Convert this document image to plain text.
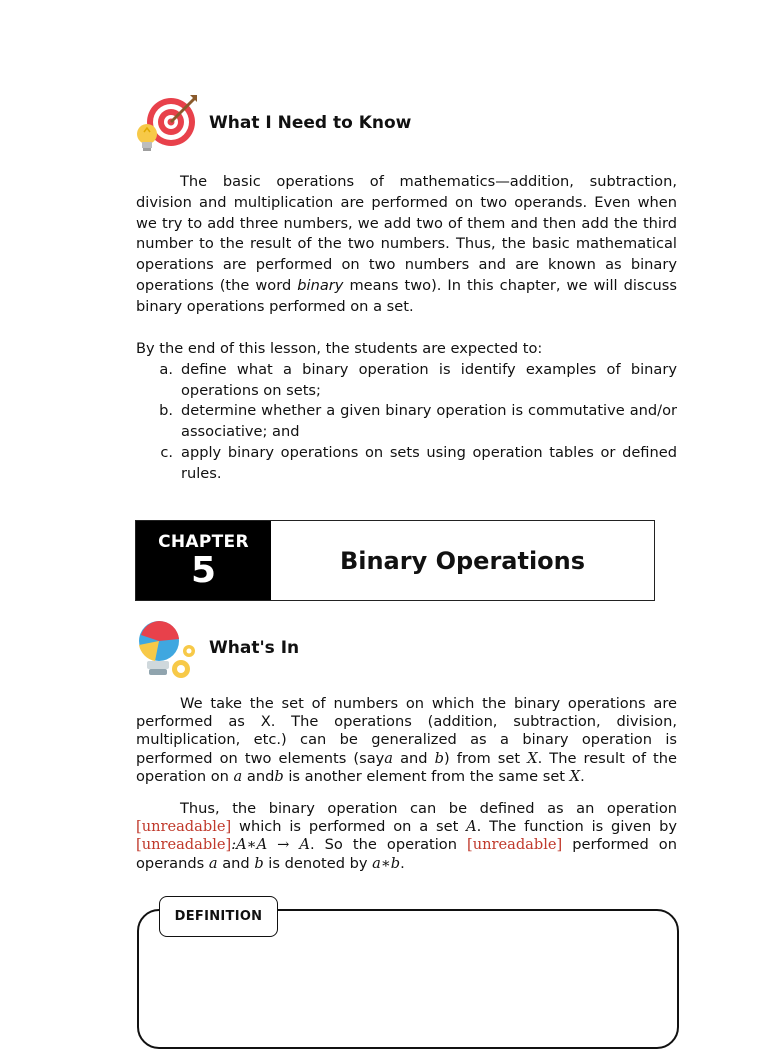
What I Need to Know
The basic operations of mathematics—addition, subtraction, division and multiplication are performed on two operands. Even when we try to add three numbers, we add two of them and then add the third number to the result of the two numbers. Thus, the basic mathematical operations are performed on two numbers and are known as binary operations (the word binary means two). In this chapter, we will discuss binary operations performed on a set.
By the end of this lesson, the students are expected to:
a. define what a binary operation is identify examples of binary operations on sets;
b. determine whether a given binary operation is commutative and/or associative; and
c. apply binary operations on sets using operation tables or defined rules.
CHAPTER
5	Binary Operations
What's In
We take the set of numbers on which the binary operations are performed as X. The operations (addition, subtraction, division, multiplication, etc.) can be generalized as a binary operation is performed on two elements (saya and b) from set X. The result of the operation on a andb is another element from the same set X.
Thus, the binary operation can be defined as an operation [unreadable] which is performed on a set A. The function is given by [unreadable]:A∗A → A. So the operation [unreadable] performed on operands a and b is denoted by a∗b.
DEFINITION
